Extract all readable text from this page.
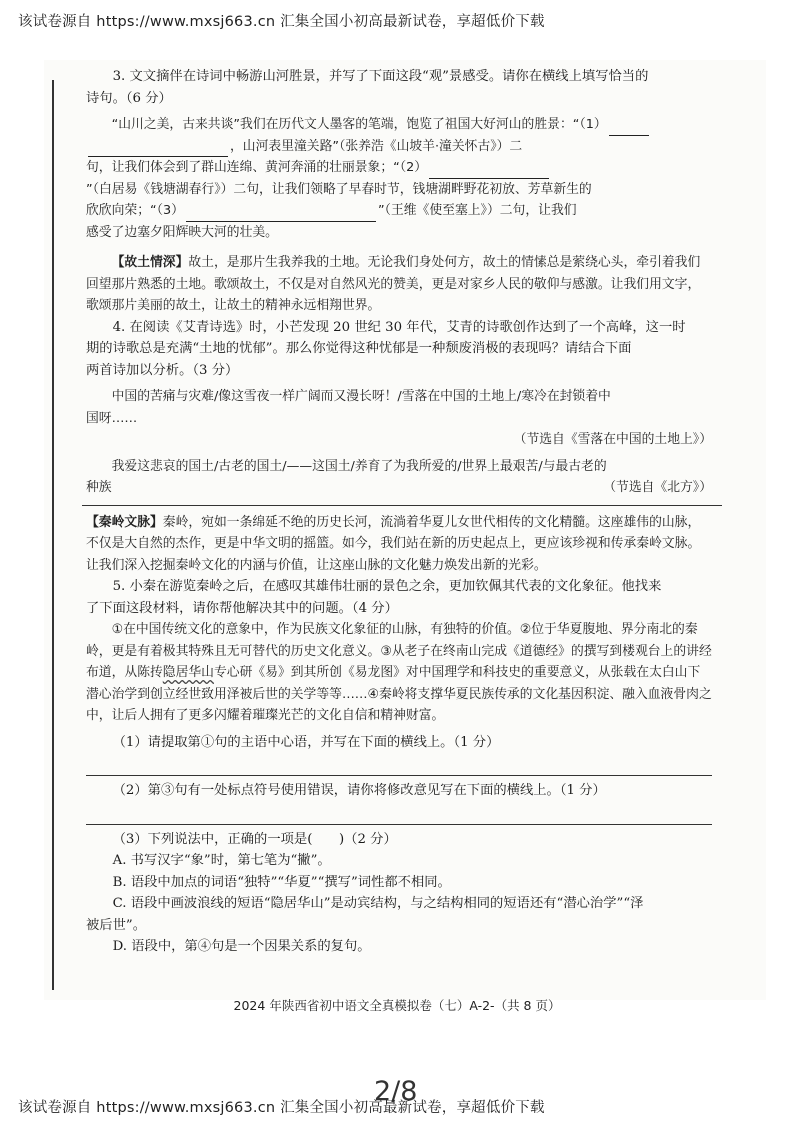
该试卷源自 https://www.mxsj663.cn 汇集全国小初高最新试卷，享超低价下载

3. 文文摘伴在诗词中畅游山河胜景，并写了下面这段“观”景感受。请你在横线上填写恰当的

诗句。（6 分）

“山川之美，古来共谈”我们在历代文人墨客的笔端，饱览了祖国大好河山的胜景：“（1）

，山河表里潼关路”（张养浩《山坡羊·潼关怀古》）二

句，让我们体会到了群山连绵、黄河奔涌的壮丽景象；“（2）

”（白居易《钱塘湖春行》）二句，让我们领略了早春时节，钱塘湖畔野花初放、芳草新生的

欣欣向荣；“（3）	”（王维《使至塞上》）二句，让我们

感受了边塞夕阳辉映大河的壮美。

【故土情深】故土，是那片生我养我的土地。无论我们身处何方，故土的情愫总是萦绕心头，牵引着我们回望那片熟悉的土地。歌颂故土，不仅是对自然风光的赞美，更是对家乡人民的敬仰与感激。让我们用文字，歌颂那片美丽的故土，让故土的精神永远相翔世界。

4. 在阅读《艾青诗选》时，小芒发现 20 世纪 30 年代，艾青的诗歌创作达到了一个高峰，这一时

期的诗歌总是充满“土地的忧郁”。那么你觉得这种忧郁是一种颓废消极的表现吗？请结合下面

两首诗加以分析。（3 分）

中国的苦痛与灾难/像这雪夜一样广阔而又漫长呀！/雪落在中国的土地上/寒冷在封锁着中

国呀……

（节选自《雪落在中国的土地上》）

我爱这悲哀的国土/古老的国土/——这国土/养育了为我所爱的/世界上最艰苦/与最古老的

种族	（节选自《北方》）

【秦岭文脉】秦岭，宛如一条绵延不绝的历史长河，流淌着华夏儿女世代相传的文化精髓。这座雄伟的山脉，不仅是大自然的杰作，更是中华文明的摇篮。如今，我们站在新的历史起点上，更应该珍视和传承秦岭文脉。让我们深入挖掘秦岭文化的内涵与价值，让这座山脉的文化魅力焕发出新的光彩。

5. 小秦在游览秦岭之后，在感叹其雄伟壮丽的景色之余，更加钦佩其代表的文化象征。他找来

了下面这段材料，请你帮他解决其中的问题。（4 分）

①在中国传统文化的意象中，作为民族文化象征的山脉，有独特的价值。②位于华夏腹地、界分南北的秦岭，更是有着极其特殊且无可替代的历史文化意义。③从老子在终南山完成《道德经》的撰写到楼观台上的讲经布道，从陈抟隐居华山专心研《易》到其所创《易龙图》对中国理学和科技史的重要意义，从张载在太白山下潜心治学到创立经世致用泽被后世的关学等等……④秦岭将支撑华夏民族传承的文化基因积淀、融入血液骨肉之中，让后人拥有了更多闪耀着璀璨光芒的文化自信和精神财富。

（1）请提取第①句的主语中心语，并写在下面的横线上。（1 分）

（2）第③句有一处标点符号使用错误，请你将修改意见写在下面的横线上。（1 分）

（3）下列说法中，正确的一项是(　　)（2 分）

A. 书写汉字“象”时，第七笔为“撇”。

B. 语段中加点的词语“独特”“华夏”“撰写”词性都不相同。

C. 语段中画波浪线的短语“隐居华山”是动宾结构，与之结构相同的短语还有“潜心治学”“泽

被后世”。

D. 语段中，第④句是一个因果关系的复句。

2024 年陕西省初中语文全真模拟卷（七）A-2-（共 8 页）
2/8
该试卷源自 https://www.mxsj663.cn 汇集全国小初高最新试卷，享超低价下载
